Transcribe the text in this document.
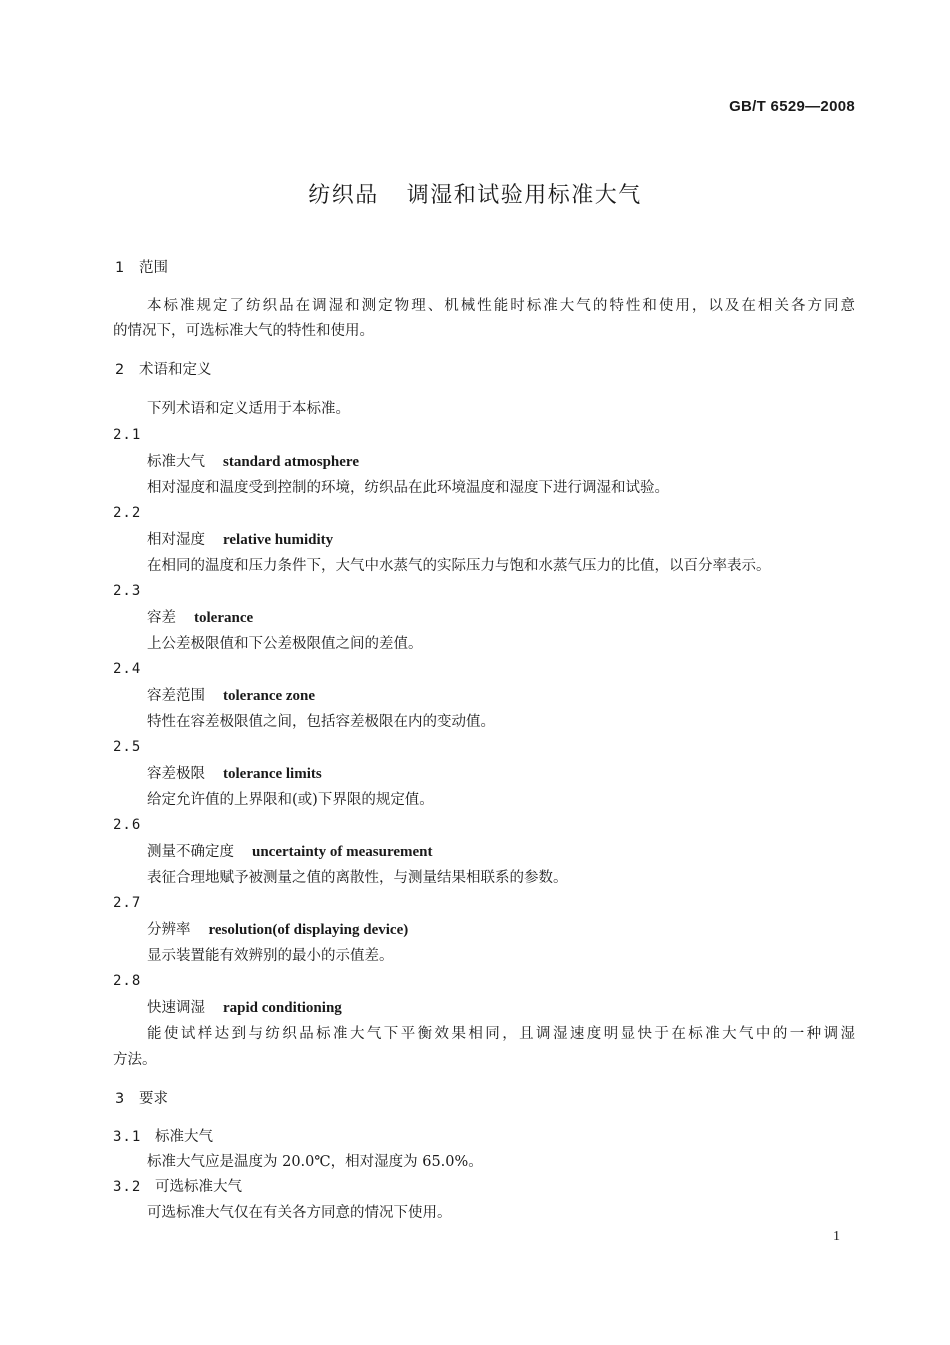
GB/T 6529—2008
纺织品 调湿和试验用标准大气
1 范围
本标准规定了纺织品在调湿和测定物理、机械性能时标准大气的特性和使用，以及在相关各方同意
的情况下，可选标准大气的特性和使用。
2 术语和定义
下列术语和定义适用于本标准。
2.1
标准大气 standard atmosphere
相对湿度和温度受到控制的环境，纺织品在此环境温度和湿度下进行调湿和试验。
2.2
相对湿度 relative humidity
在相同的温度和压力条件下，大气中水蒸气的实际压力与饱和水蒸气压力的比值，以百分率表示。
2.3
容差 tolerance
上公差极限值和下公差极限值之间的差值。
2.4
容差范围 tolerance zone
特性在容差极限值之间，包括容差极限在内的变动值。
2.5
容差极限 tolerance limits
给定允许值的上界限和(或)下界限的规定值。
2.6
测量不确定度 uncertainty of measurement
表征合理地赋予被测量之值的离散性，与测量结果相联系的参数。
2.7
分辨率 resolution(of displaying device)
显示装置能有效辨别的最小的示值差。
2.8
快速调湿 rapid conditioning
能使试样达到与纺织品标准大气下平衡效果相同，且调湿速度明显快于在标准大气中的一种调湿
方法。
3 要求
3.1 标准大气
标准大气应是温度为 20.0℃，相对湿度为 65.0%。
3.2 可选标准大气
可选标准大气仅在有关各方同意的情况下使用。
1
